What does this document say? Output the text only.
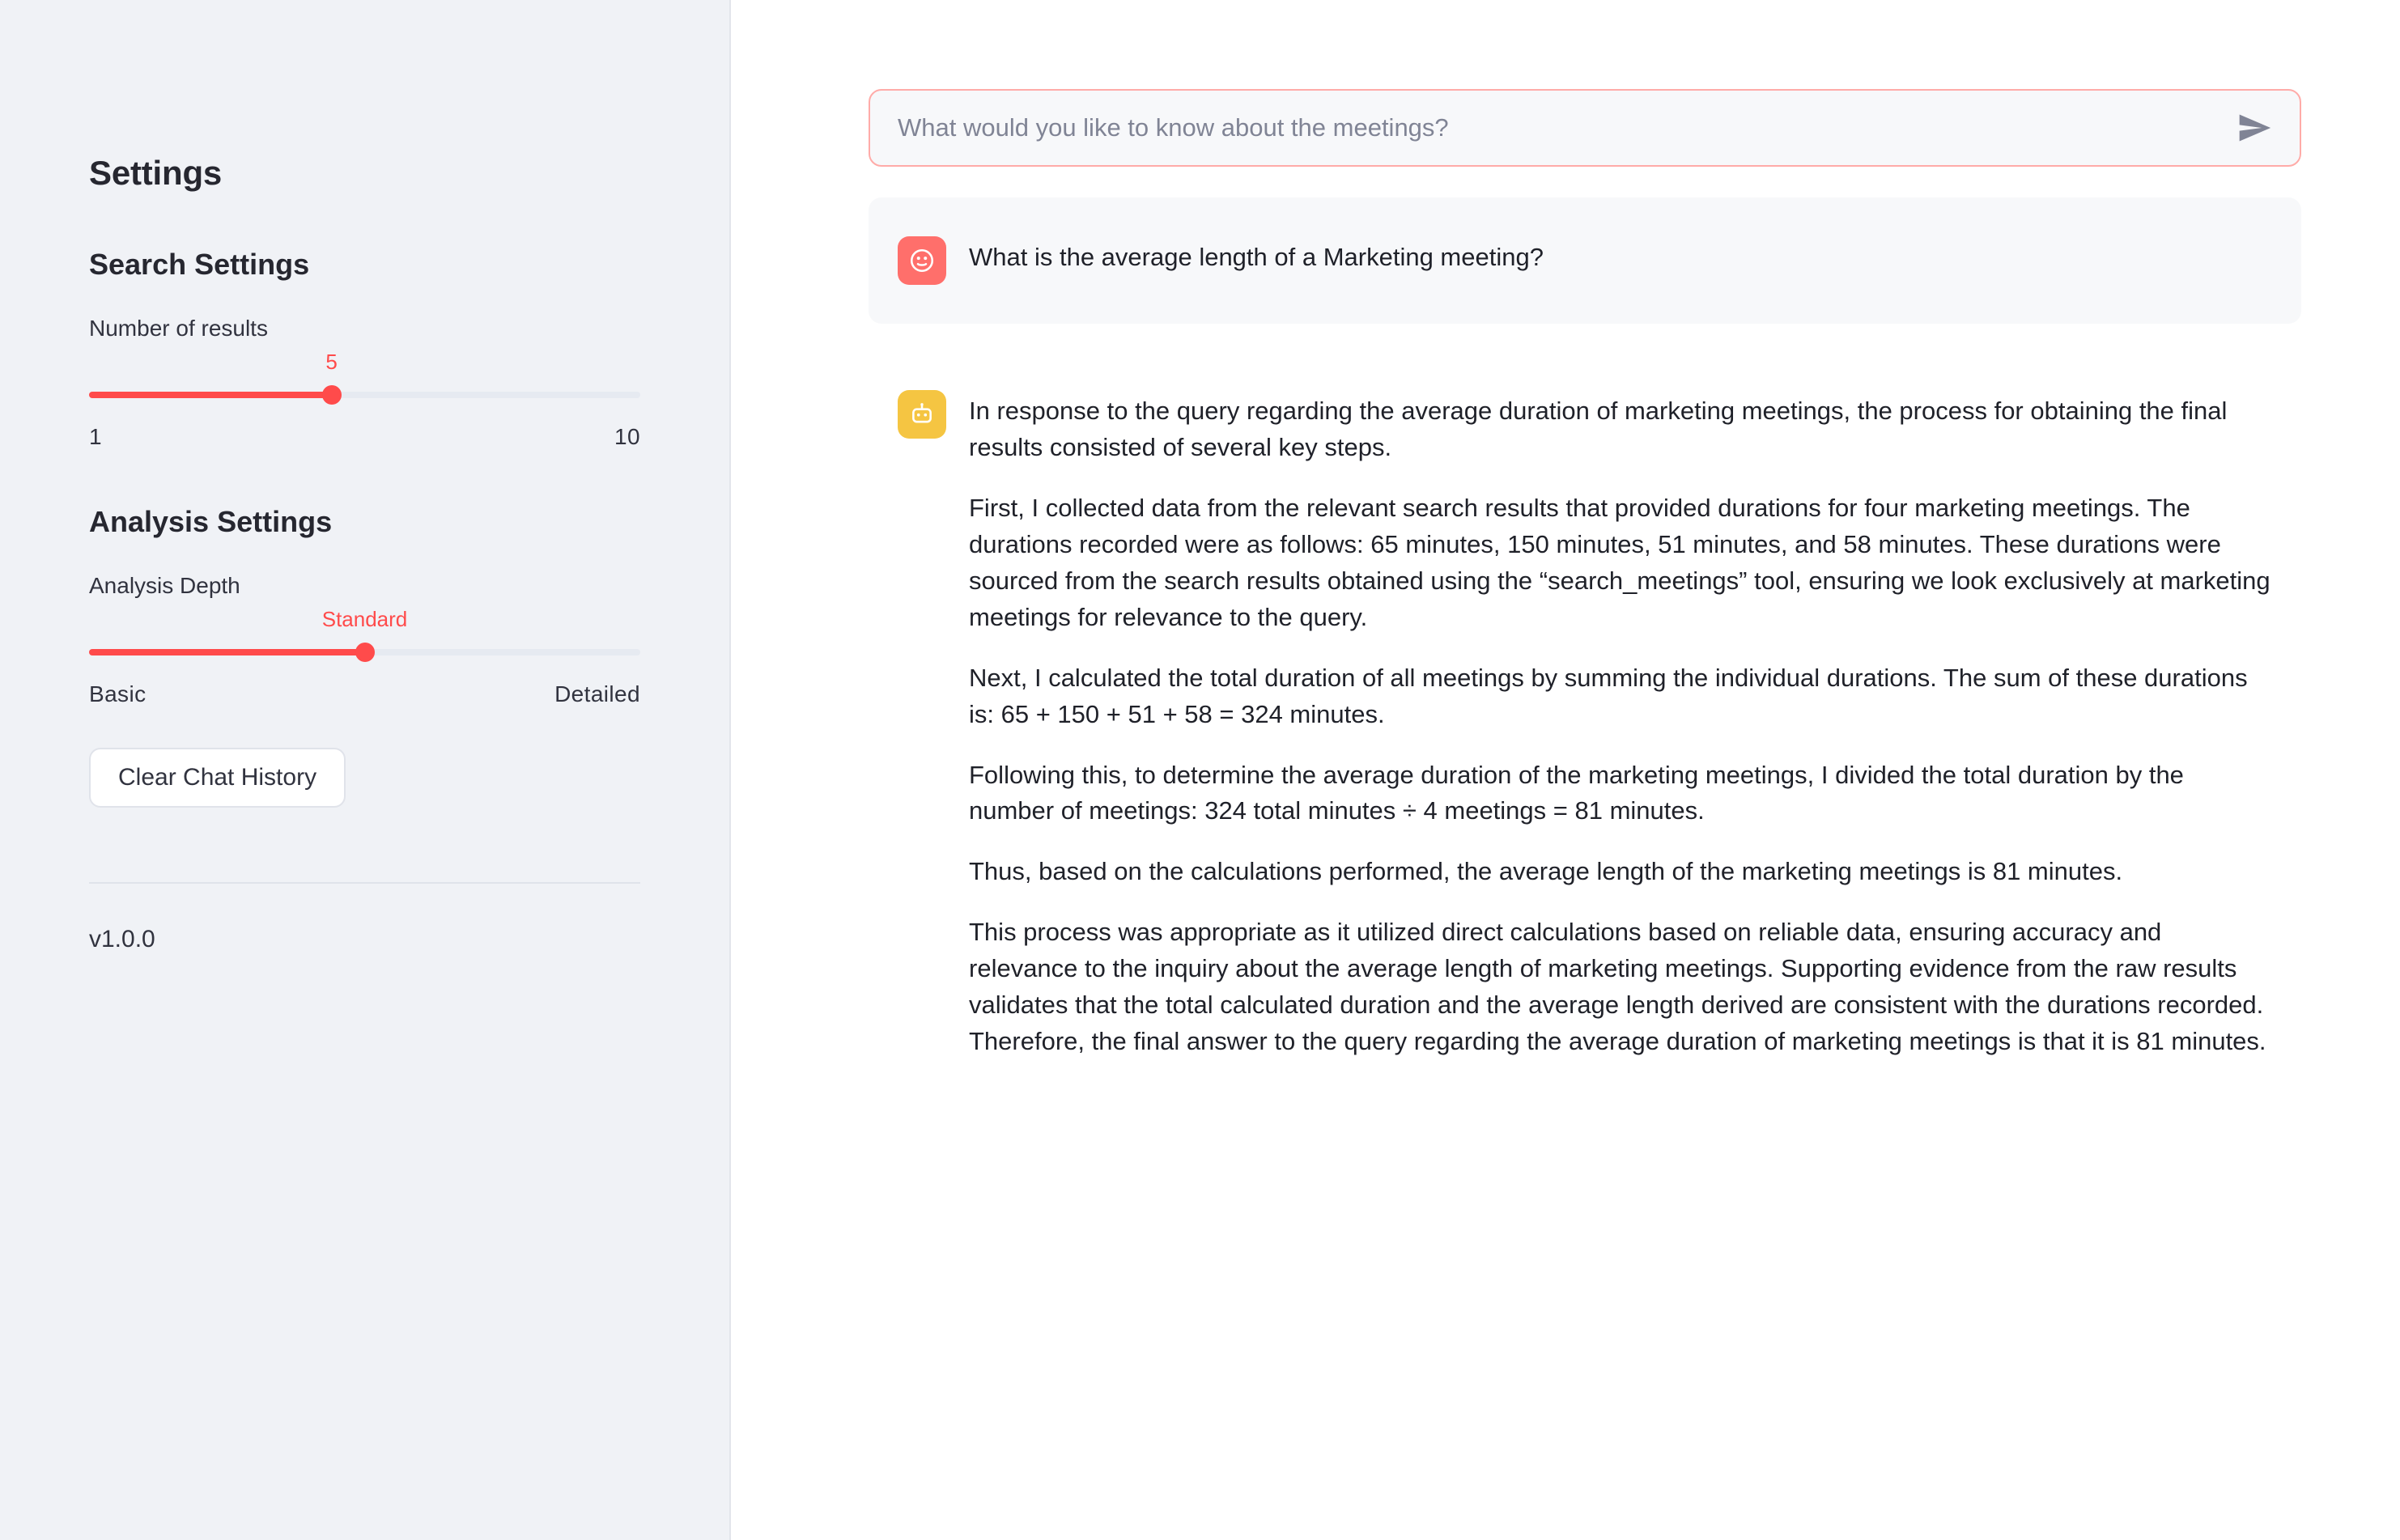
Settings
Search Settings
Number of results
5
1	10
Analysis Settings
Analysis Depth
Standard
Basic	Detailed
Clear Chat History
v1.0.0
What would you like to know about the meetings?

What is the average length of a Marketing meeting?

In response to the query regarding the average duration of marketing meetings, the process for obtaining the final results consisted of several key steps.

First, I collected data from the relevant search results that provided durations for four marketing meetings. The durations recorded were as follows: 65 minutes, 150 minutes, 51 minutes, and 58 minutes. These durations were sourced from the search results obtained using the “search_meetings” tool, ensuring we look exclusively at marketing meetings for relevance to the query.

Next, I calculated the total duration of all meetings by summing the individual durations. The sum of these durations is: 65 + 150 + 51 + 58 = 324 minutes.

Following this, to determine the average duration of the marketing meetings, I divided the total duration by the number of meetings: 324 total minutes ÷ 4 meetings = 81 minutes.

Thus, based on the calculations performed, the average length of the marketing meetings is 81 minutes.

This process was appropriate as it utilized direct calculations based on reliable data, ensuring accuracy and relevance to the inquiry about the average length of marketing meetings. Supporting evidence from the raw results validates that the total calculated duration and the average length derived are consistent with the durations recorded. Therefore, the final answer to the query regarding the average duration of marketing meetings is that it is 81 minutes.
